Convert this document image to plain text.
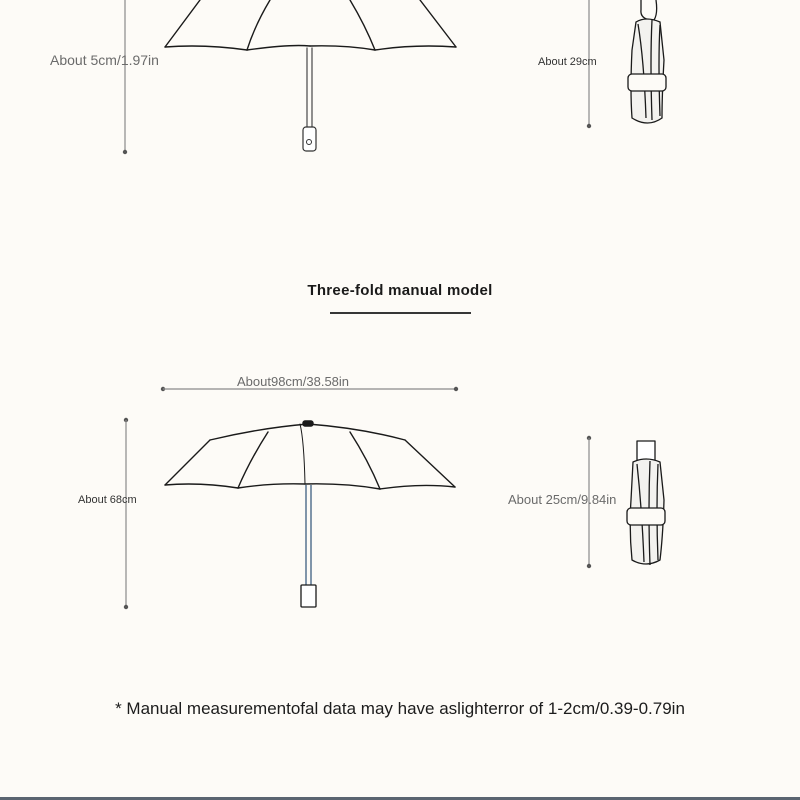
About 5cm/1.97in	About 29cm
Three-fold manual model
About98cm/38.58in
About 68cm	About 25cm/9.84in
* Manual measurementofal data may have aslighterror of 1-2cm/0.39-0.79in
